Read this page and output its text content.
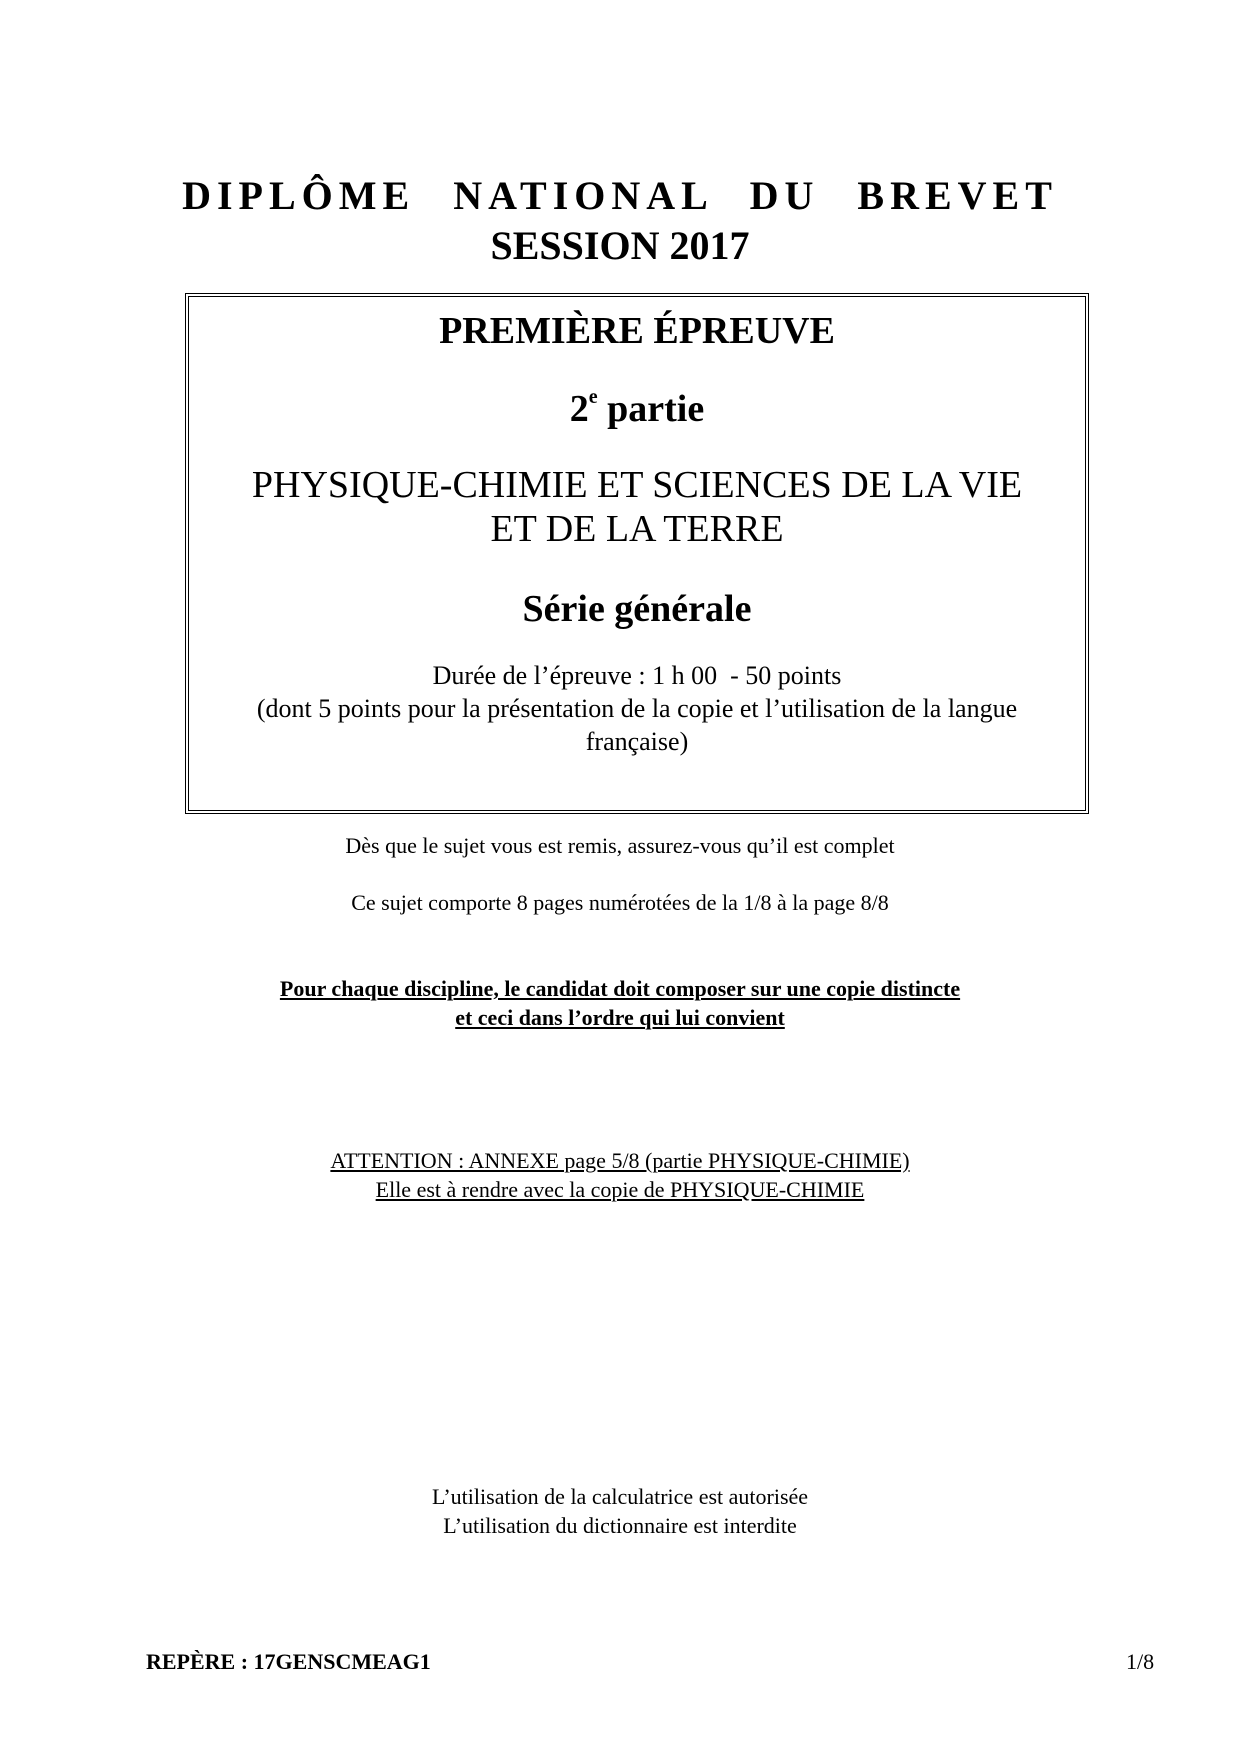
DIPLÔME NATIONAL DU BREVET
SESSION 2017
PREMIÈRE ÉPREUVE
2e partie
PHYSIQUE-CHIMIE ET SCIENCES DE LA VIE
ET DE LA TERRE
Série générale
Durée de l’épreuve : 1 h 00  - 50 points
(dont 5 points pour la présentation de la copie et l’utilisation de la langue
française)
Dès que le sujet vous est remis, assurez-vous qu’il est complet
Ce sujet comporte 8 pages numérotées de la 1/8 à la page 8/8
Pour chaque discipline, le candidat doit composer sur une copie distincte
et ceci dans l’ordre qui lui convient
ATTENTION : ANNEXE page 5/8 (partie PHYSIQUE-CHIMIE)
Elle est à rendre avec la copie de PHYSIQUE-CHIMIE
L’utilisation de la calculatrice est autorisée
L’utilisation du dictionnaire est interdite
REPÈRE : 17GENSCMEAG1	1/8
